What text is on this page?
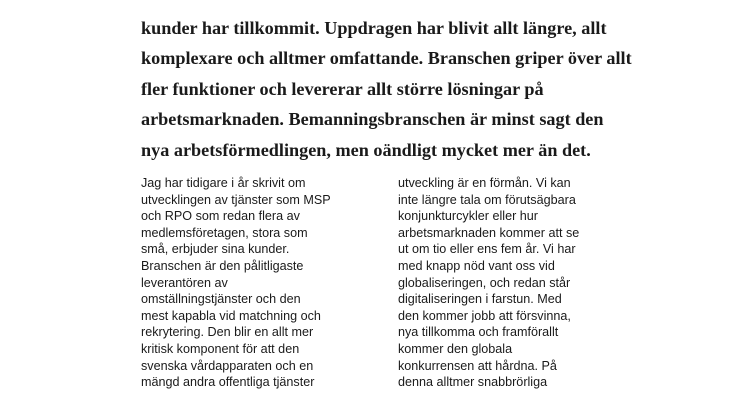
kunder har tillkommit. Uppdragen har blivit allt längre, allt
komplexare och alltmer omfattande. Branschen griper över allt
fler funktioner och levererar allt större lösningar på
arbetsmarknaden. Bemanningsbranschen är minst sagt den
nya arbetsförmedlingen, men oändligt mycket mer än det.
Jag har tidigare i år skrivit om
utvecklingen av tjänster som MSP
och RPO som redan flera av
medlemsföretagen, stora som
små, erbjuder sina kunder.
Branschen är den pålitligaste
leverantören av
omställningstjänster och den
mest kapabla vid matchning och
rekrytering. Den blir en allt mer
kritisk komponent för att den
svenska vårdapparaten och en
mängd andra offentliga tjänster
utveckling är en förmån. Vi kan
inte längre tala om förutsägbara
konjunkturcykler eller hur
arbetsmarknaden kommer att se
ut om tio eller ens fem år. Vi har
med knapp nöd vant oss vid
globaliseringen, och redan står
digitaliseringen i farstun. Med
den kommer jobb att försvinna,
nya tillkomma och framförallt
kommer den globala
konkurrensen att hårdna. På
denna alltmer snabbrörliga
